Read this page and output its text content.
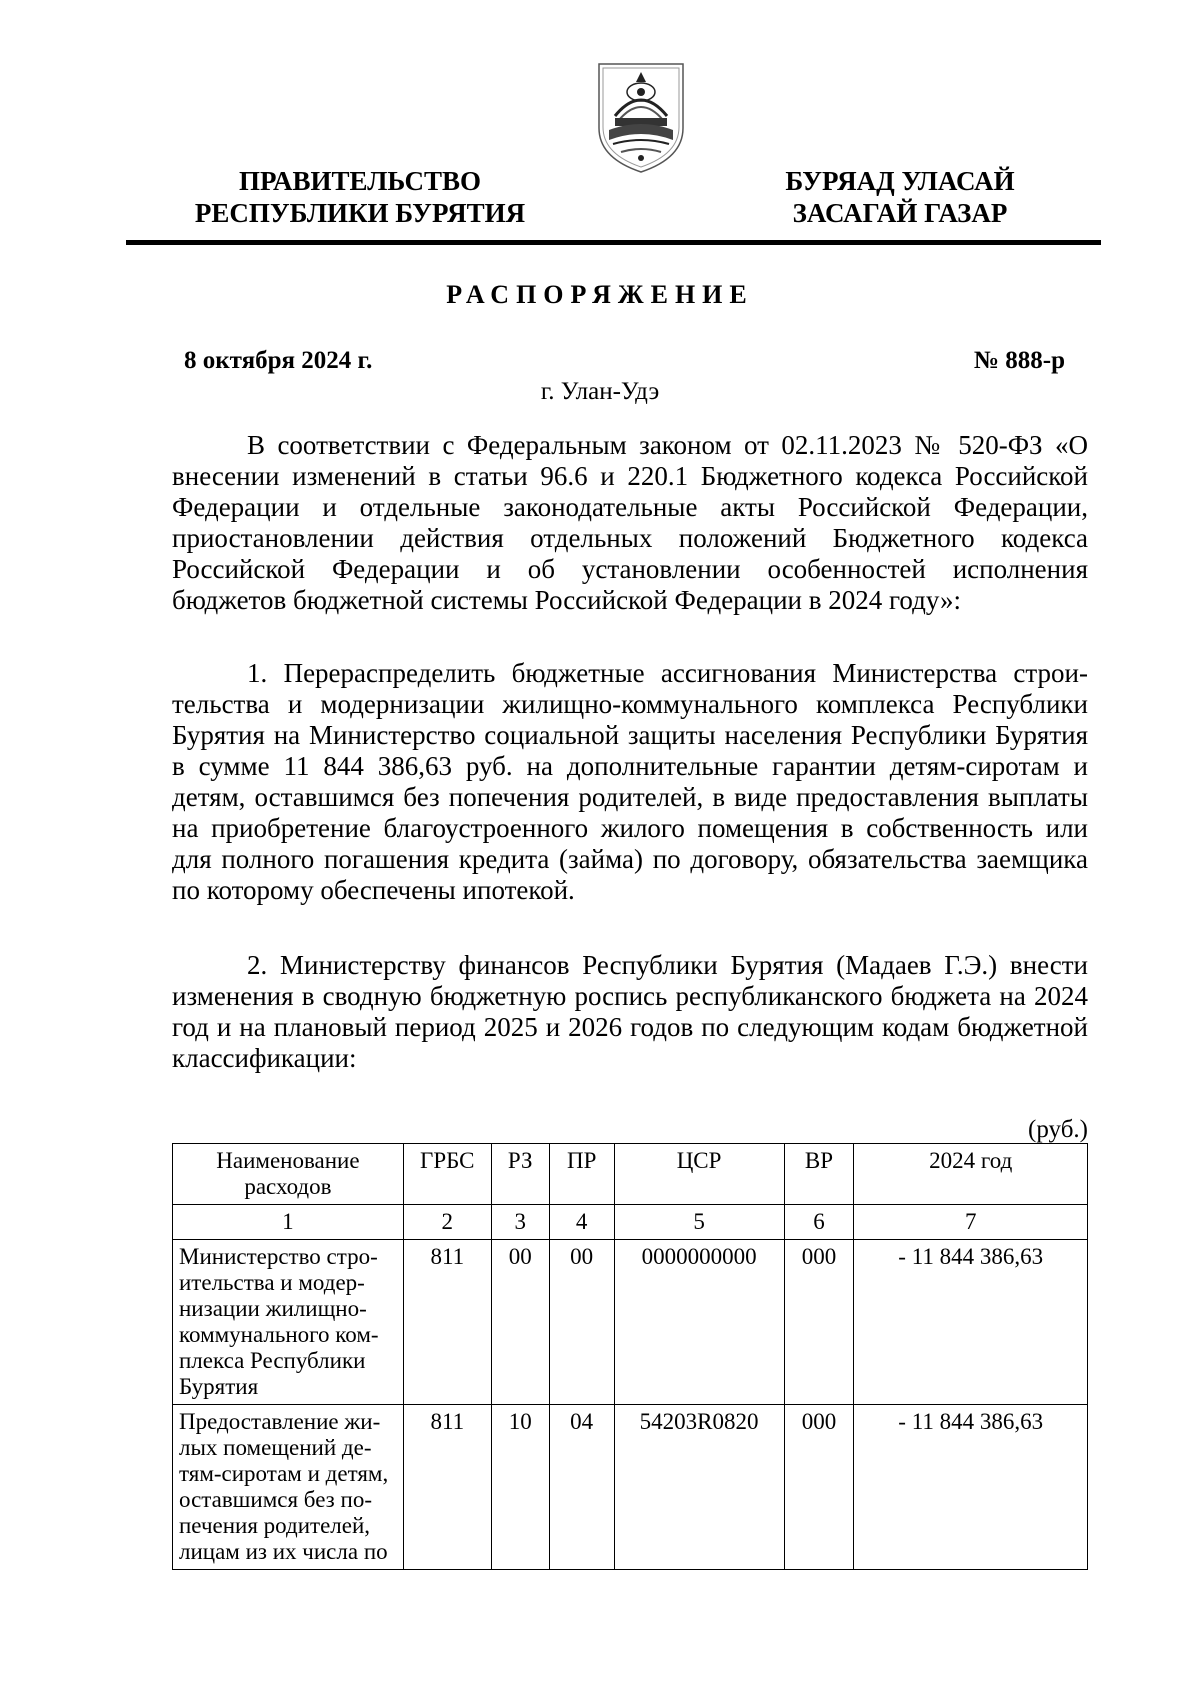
ПРАВИТЕЛЬСТВО
РЕСПУБЛИКИ БУРЯТИЯ
БУРЯАД УЛАСАЙ
ЗАСАГАЙ ГАЗАР
РАСПОРЯЖЕНИЕ
8 октября 2024 г.	№ 888-р
г. Улан-Удэ
В соответствии с Федеральным законом от 02.11.2023 № 520-ФЗ «О внесении изменений в статьи 96.6 и 220.1 Бюджетного кодекса Российской Федерации и отдельные законодательные акты Российской Федерации, приостановлении действия отдельных положений Бюджетного кодекса Российской Федерации и об установлении особенностей исполнения бюджетов бюджетной системы Российской Федерации в 2024 году»:
1. Перераспределить бюджетные ассигнования Министерства строительства и модернизации жилищно-коммунального комплекса Республики Бурятия на Министерство социальной защиты населения Республики Бурятия в сумме 11 844 386,63 руб. на дополнительные гарантии детям-сиротам и детям, оставшимся без попечения родителей, в виде предоставления выплаты на приобретение благоустроенного жилого помещения в собственность или для полного погашения кредита (займа) по договору, обязательства заемщика по которому обеспечены ипотекой.
2. Министерству финансов Республики Бурятия (Мадаев Г.Э.) внести изменения в сводную бюджетную роспись республиканского бюджета на 2024 год и на плановый период 2025 и 2026 годов по следующим кодам бюджетной классификации:
(руб.)
Наименование расходов	ГРБС	РЗ	ПР	ЦСР	ВР	2024 год
1	2	3	4	5	6	7
Министерство строительства и модернизации жилищно-коммунального комплекса Республики Бурятия	811	00	00	0000000000	000	- 11 844 386,63
Предоставление жилых помещений детям-сиротам и детям, оставшимся без попечения родителей, лицам из их числа по	811	10	04	54203R0820	000	- 11 844 386,63
